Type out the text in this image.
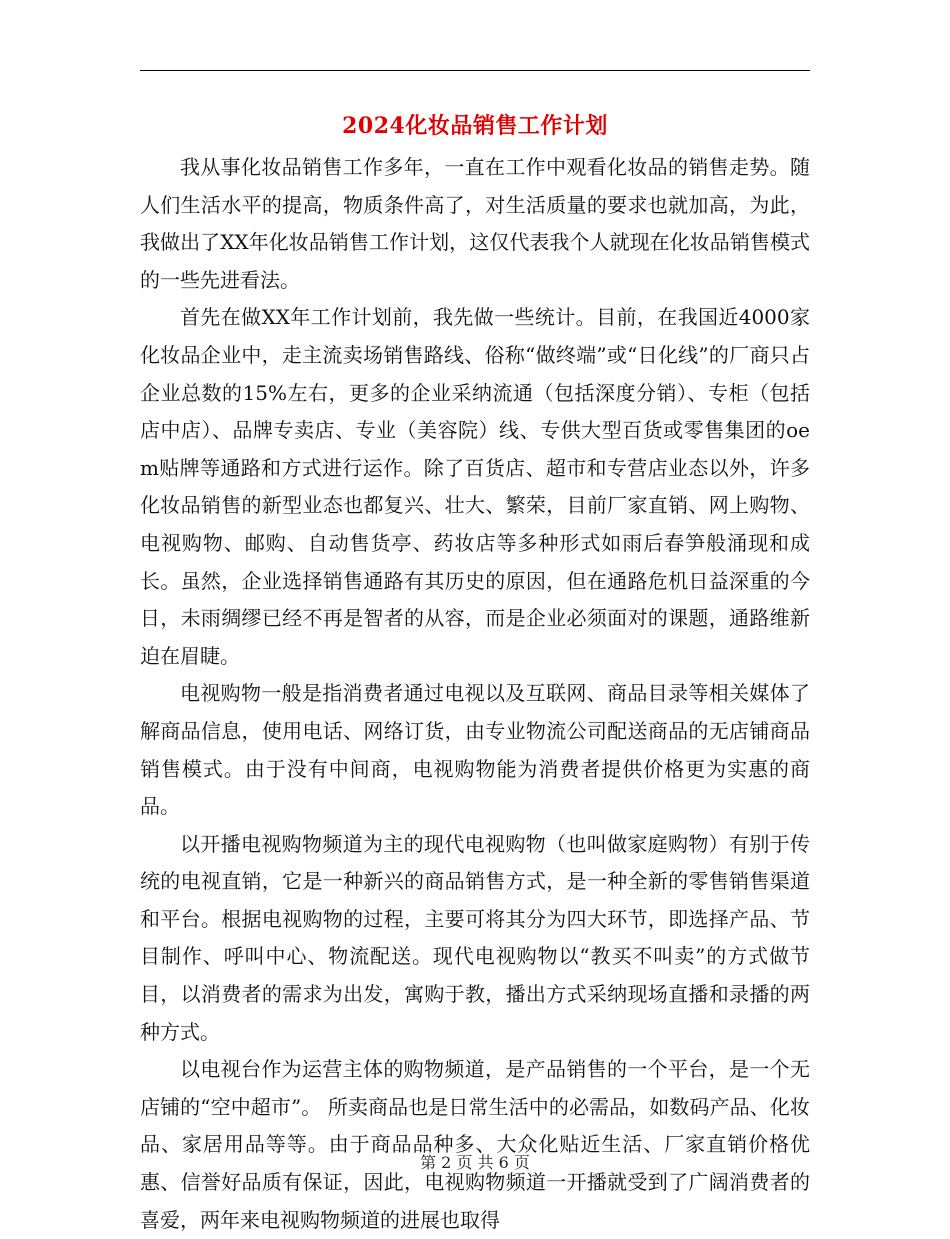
2024化妆品销售工作计划

我从事化妆品销售工作多年，一直在工作中观看化妆品的销售走势。随人们生活水平的提高，物质条件高了，对生活质量的要求也就加高，为此，我做出了XX年化妆品销售工作计划，这仅代表我个人就现在化妆品销售模式的一些先进看法。

首先在做XX年工作计划前，我先做一些统计。目前，在我国近4000家化妆品企业中，走主流卖场销售路线、俗称“做终端”或“日化线”的厂商只占企业总数的15%左右，更多的企业采纳流通（包括深度分销）、专柜（包括店中店）、品牌专卖店、专业（美容院）线、专供大型百货或零售集团的oem贴牌等通路和方式进行运作。除了百货店、超市和专营店业态以外，许多化妆品销售的新型业态也都复兴、壮大、繁荣，目前厂家直销、网上购物、电视购物、邮购、自动售货亭、药妆店等多种形式如雨后春笋般涌现和成长。虽然，企业选择销售通路有其历史的原因，但在通路危机日益深重的今日，未雨绸缪已经不再是智者的从容，而是企业必须面对的课题，通路维新迫在眉睫。

电视购物一般是指消费者通过电视以及互联网、商品目录等相关媒体了解商品信息，使用电话、网络订货，由专业物流公司配送商品的无店铺商品销售模式。由于没有中间商，电视购物能为消费者提供价格更为实惠的商品。

以开播电视购物频道为主的现代电视购物（也叫做家庭购物）有别于传统的电视直销，它是一种新兴的商品销售方式，是一种全新的零售销售渠道和平台。根据电视购物的过程，主要可将其分为四大环节，即选择产品、节目制作、呼叫中心、物流配送。现代电视购物以“教买不叫卖”的方式做节目，以消费者的需求为出发，寓购于教，播出方式采纳现场直播和录播的两种方式。

以电视台作为运营主体的购物频道，是产品销售的一个平台，是一个无店铺的“空中超市”。 所卖商品也是日常生活中的必需品，如数码产品、化妆品、家居用品等等。由于商品品种多、大众化贴近生活、厂家直销价格优惠、信誉好品质有保证，因此，电视购物频道一开播就受到了广阔消费者的喜爱，两年来电视购物频道的进展也取得

第 2 页 共 6 页
